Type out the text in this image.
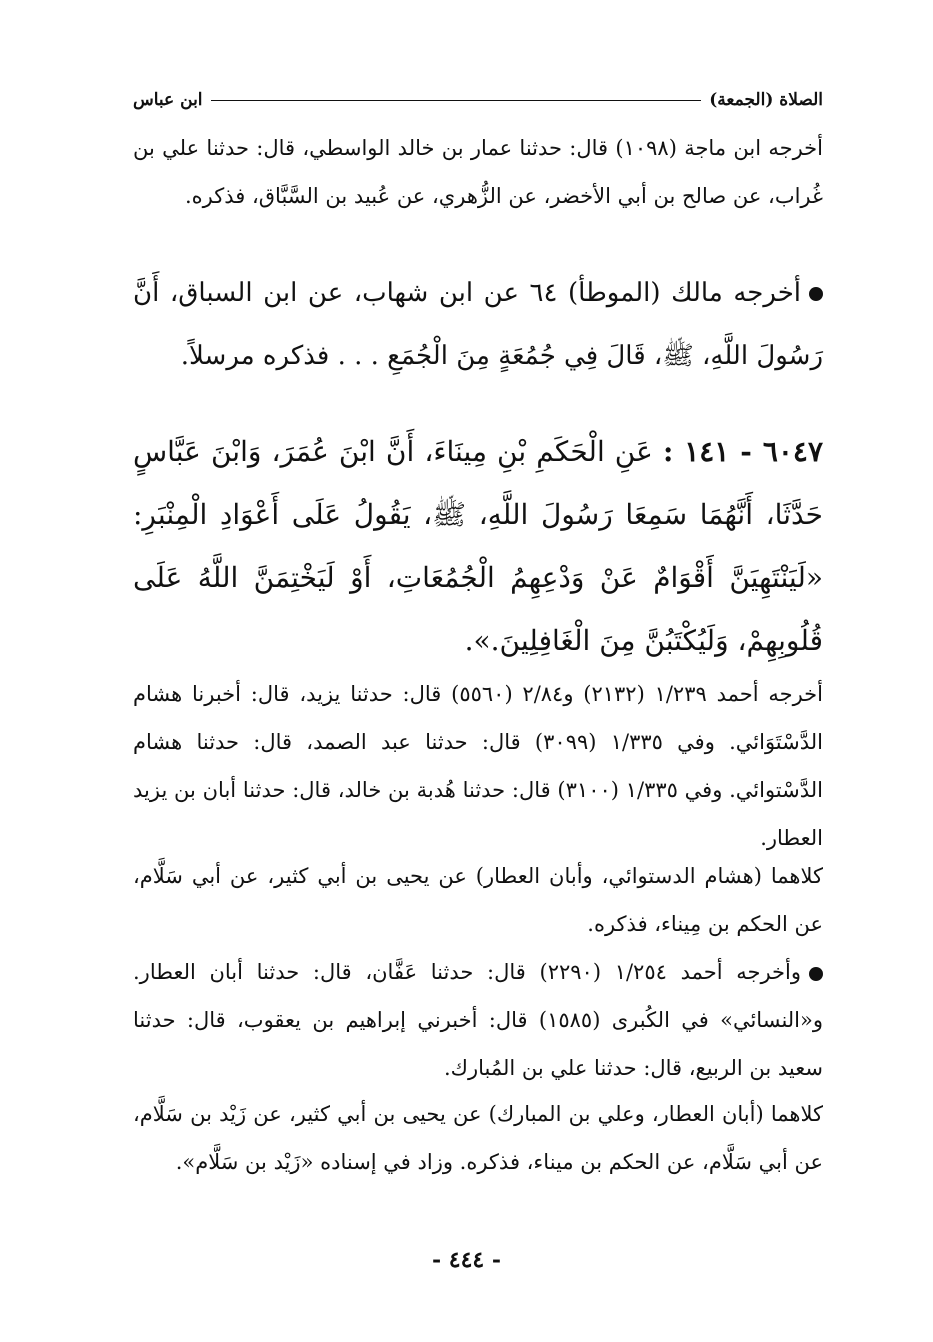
الصلاة (الجمعة)
ابن عباس

أخرجه ابن ماجة (١٠٩٨) قال: حدثنا عمار بن خالد الواسطي، قال: حدثنا علي بن غُراب، عن صالح بن أبي الأخضر، عن الزُّهري، عن عُبيد بن السَّبَّاق، فذكره.

أخرجه مالك (الموطأ) ٦٤ عن ابن شهاب، عن ابن السباق، أَنَّ رَسُولَ اللَّهِ، ﷺ، قَالَ فِي جُمُعَةٍ مِنَ الْجُمَعِ . . . فذكره مرسلاً.

٦٠٤٧ - ١٤١ : عَنِ الْحَكَمِ بْنِ مِينَاءَ، أَنَّ ابْنَ عُمَرَ، وَابْنَ عَبَّاسٍ حَدَّثَا، أَنَّهُمَا سَمِعَا رَسُولَ اللَّهِ، ﷺ، يَقُولُ عَلَى أَعْوَادِ الْمِنْبَرِ: «لَيَنْتَهِيَنَّ أَقْوَامٌ عَنْ وَدْعِهِمُ الْجُمُعَاتِ، أَوْ لَيَخْتِمَنَّ اللَّهُ عَلَى قُلُوبِهِمْ، وَلَيُكْتَبُنَّ مِنَ الْغَافِلِينَ.».

أخرجه أحمد ١/٢٣٩ (٢١٣٢) و٢/٨٤ (٥٥٦٠) قال: حدثنا يزيد، قال: أخبرنا هشام الدَّسْتَوَائي. وفي ١/٣٣٥ (٣٠٩٩) قال: حدثنا عبد الصمد، قال: حدثنا هشام الدَّسْتوائي. وفي ١/٣٣٥ (٣١٠٠) قال: حدثنا هُدبة بن خالد، قال: حدثنا أبان بن يزيد العطار.

كلاهما (هشام الدستوائي، وأبان العطار) عن يحيى بن أبي كثير، عن أبي سَلَّام، عن الحكم بن مِيناء، فذكره.

وأخرجه أحمد ١/٢٥٤ (٢٢٩٠) قال: حدثنا عَفَّان، قال: حدثنا أبان العطار. و«النسائي» في الكُبرى (١٥٨٥) قال: أخبرني إبراهيم بن يعقوب، قال: حدثنا سعيد بن الربيع، قال: حدثنا علي بن المُبارك.

كلاهما (أبان العطار، وعلي بن المبارك) عن يحيى بن أبي كثير، عن زَيْد بن سَلَّام، عن أبي سَلَّام، عن الحكم بن ميناء، فذكره. وزاد في إسناده «زَيْد بن سَلَّام».

- ٤٤٤ -
